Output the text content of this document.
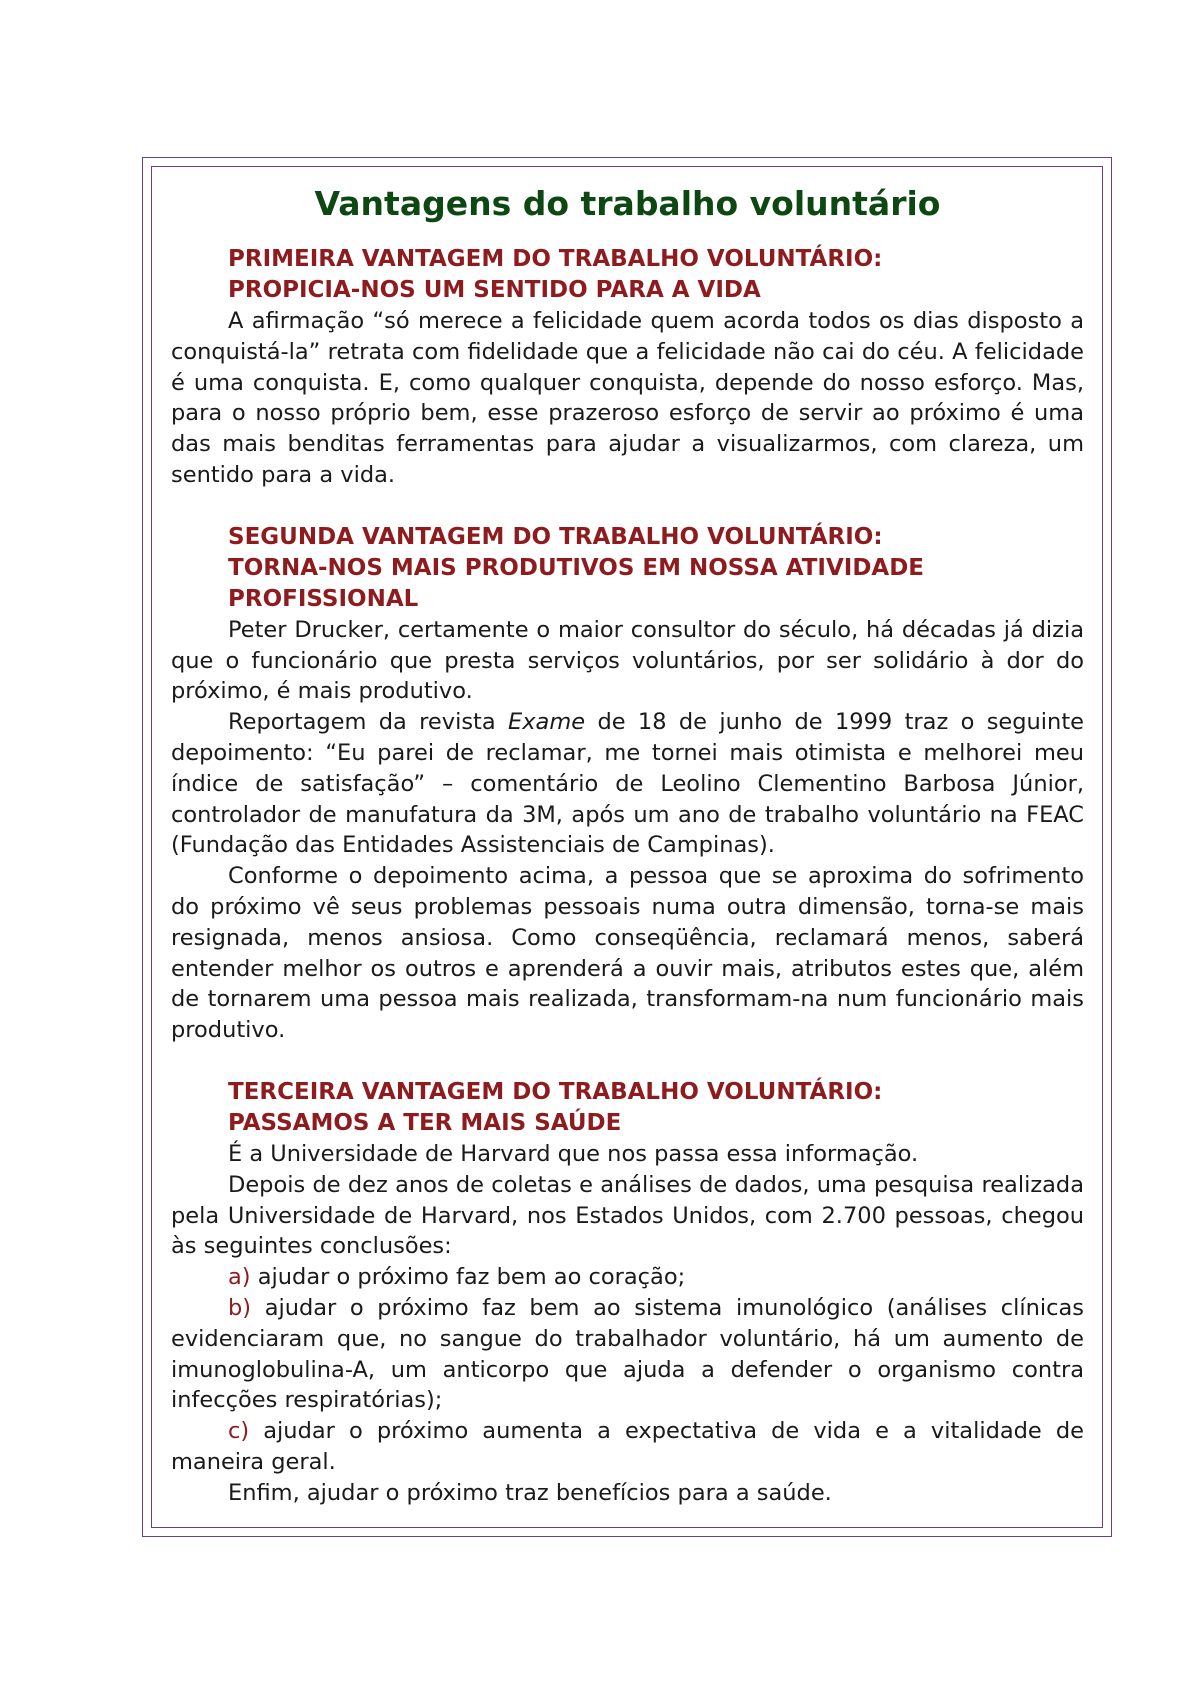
Vantagens do trabalho voluntário
PRIMEIRA VANTAGEM DO TRABALHO VOLUNTÁRIO:
PROPICIA-NOS UM SENTIDO PARA A VIDA

A afirmação “só merece a felicidade quem acorda todos os dias disposto a conquistá-la” retrata com fidelidade que a felicidade não cai do céu. A felicidade é uma conquista. E, como qualquer conquista, depende do nosso esforço. Mas, para o nosso próprio bem, esse prazeroso esforço de servir ao próximo é uma das mais benditas ferramentas para ajudar a visualizarmos, com clareza, um sentido para a vida.

SEGUNDA VANTAGEM DO TRABALHO VOLUNTÁRIO:
TORNA-NOS MAIS PRODUTIVOS EM NOSSA ATIVIDADE
PROFISSIONAL

Peter Drucker, certamente o maior consultor do século, há décadas já dizia que o funcionário que presta serviços voluntários, por ser solidário à dor do próximo, é mais produtivo.

Reportagem da revista Exame de 18 de junho de 1999 traz o seguinte depoimento: “Eu parei de reclamar, me tornei mais otimista e melhorei meu índice de satisfação” – comentário de Leolino Clementino Barbosa Júnior, controlador de manufatura da 3M, após um ano de trabalho voluntário na FEAC (Fundação das Entidades Assistenciais de Campinas).

Conforme o depoimento acima, a pessoa que se aproxima do sofrimento do próximo vê seus problemas pessoais numa outra dimensão, torna-se mais resignada, menos ansiosa. Como conseqüência, reclamará menos, saberá entender melhor os outros e aprenderá a ouvir mais, atributos estes que, além de tornarem uma pessoa mais realizada, transformam-na num funcionário mais produtivo.

TERCEIRA VANTAGEM DO TRABALHO VOLUNTÁRIO:
PASSAMOS A TER MAIS SAÚDE

É a Universidade de Harvard que nos passa essa informação.

Depois de dez anos de coletas e análises de dados, uma pesquisa realizada pela Universidade de Harvard, nos Estados Unidos, com 2.700 pessoas, chegou às seguintes conclusões:

a) ajudar o próximo faz bem ao coração;

b) ajudar o próximo faz bem ao sistema imunológico (análises clínicas evidenciaram que, no sangue do trabalhador voluntário, há um aumento de imunoglobulina-A, um anticorpo que ajuda a defender o organismo contra infecções respiratórias);

c) ajudar o próximo aumenta a expectativa de vida e a vitalidade de maneira geral.

Enfim, ajudar o próximo traz benefícios para a saúde.
